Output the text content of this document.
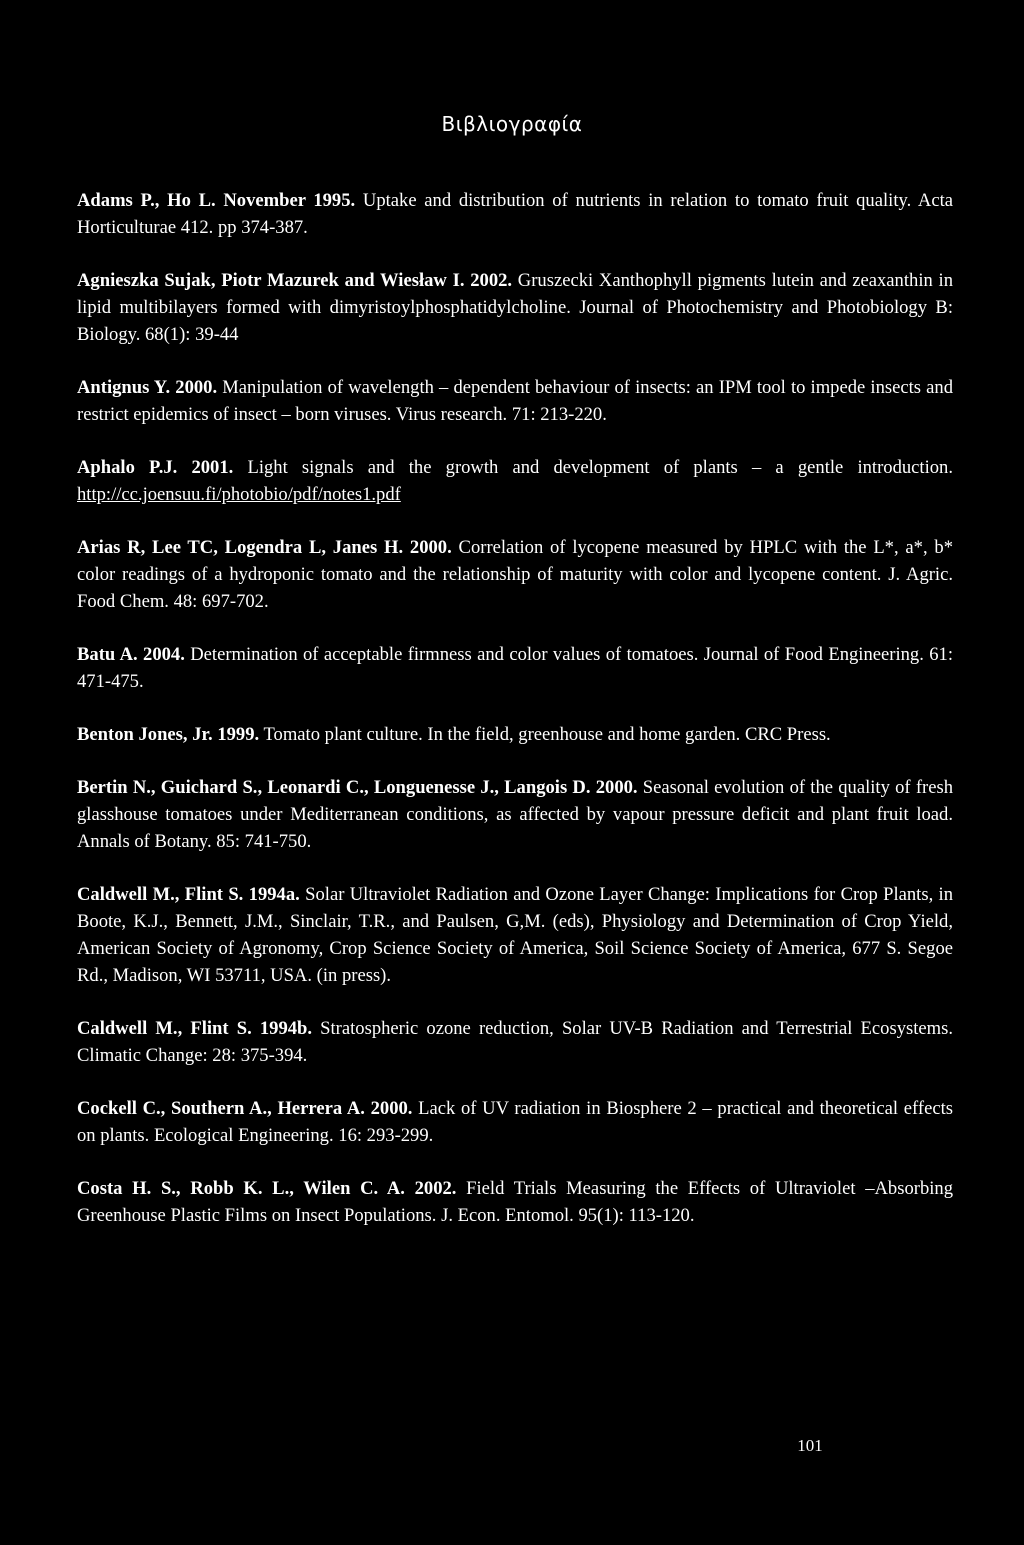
Βιβλιογραφία

Adams P., Ho L. November 1995. Uptake and distribution of nutrients in relation to tomato fruit quality. Acta Horticulturae 412. pp 374-387.

Agnieszka Sujak, Piotr Mazurek and Wiesław I. 2002. Gruszecki Xanthophyll pigments lutein and zeaxanthin in lipid multibilayers formed with dimyristoylphosphatidylcholine. Journal of Photochemistry and Photobiology B: Biology. 68(1): 39-44

Antignus Y. 2000. Manipulation of wavelength – dependent behaviour of insects: an IPM tool to impede insects and restrict epidemics of insect – born viruses. Virus research. 71: 213-220.

Aphalo P.J. 2001. Light signals and the growth and development of plants – a gentle introduction. http://cc.joensuu.fi/photobio/pdf/notes1.pdf

Arias R, Lee TC, Logendra L, Janes H. 2000. Correlation of lycopene measured by HPLC with the L*, a*, b* color readings of a hydroponic tomato and the relationship of maturity with color and lycopene content. J. Agric. Food Chem. 48: 697-702.

Batu A. 2004. Determination of acceptable firmness and color values of tomatoes. Journal of Food Engineering. 61: 471-475.

Benton Jones, Jr. 1999. Tomato plant culture. In the field, greenhouse and home garden. CRC Press.

Bertin N., Guichard S., Leonardi C., Longuenesse J., Langois D. 2000. Seasonal evolution of the quality of fresh glasshouse tomatoes under Mediterranean conditions, as affected by vapour pressure deficit and plant fruit load. Annals of Botany. 85: 741-750.

Caldwell M., Flint S. 1994a. Solar Ultraviolet Radiation and Ozone Layer Change: Implications for Crop Plants, in Boote, K.J., Bennett, J.M., Sinclair, T.R., and Paulsen, G,M. (eds), Physiology and Determination of Crop Yield, American Society of Agronomy, Crop Science Society of America, Soil Science Society of America, 677 S. Segoe Rd., Madison, WI 53711, USA. (in press).

Caldwell M., Flint S. 1994b. Stratospheric ozone reduction, Solar UV-B Radiation and Terrestrial Ecosystems. Climatic Change: 28: 375-394.

Cockell C., Southern A., Herrera A. 2000. Lack of UV radiation in Biosphere 2 – practical and theoretical effects on plants. Ecological Engineering. 16: 293-299.

Costa H. S., Robb K. L., Wilen C. A. 2002. Field Trials Measuring the Effects of Ultraviolet –Absorbing Greenhouse Plastic Films on Insect Populations. J. Econ. Entomol. 95(1): 113-120.

101
